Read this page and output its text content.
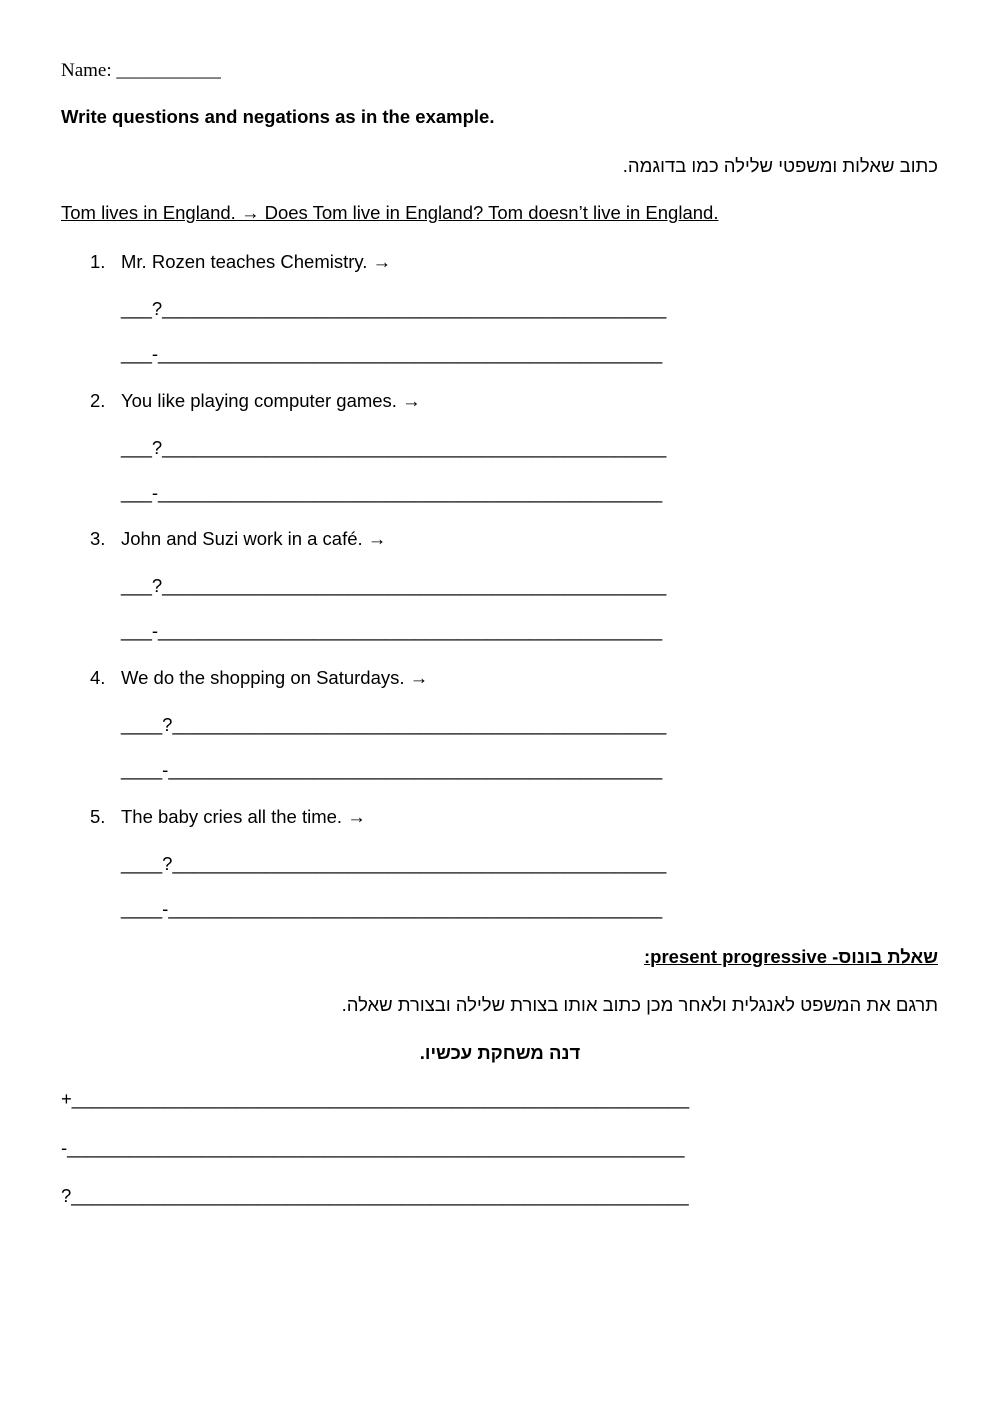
Name: ___________
Write questions and negations as in the example.
כתוב שאלות ומשפטי שלילה כמו בדוגמה.
Tom lives in England. → Does Tom live in England? Tom doesn’t live in England.
1. Mr. Rozen teaches Chemistry. →
___?_________________________________________________
___-_________________________________________________
2. You like playing computer games. →
___?_________________________________________________
___-_________________________________________________
3. John and Suzi work in a café. →
___?_________________________________________________
___-_________________________________________________
4. We do the shopping on Saturdays. →
____?________________________________________________
____-________________________________________________
5. The baby cries all the time. →
____?________________________________________________
____-________________________________________________
שאלת בונוס- present progressive:
תרגם את המשפט לאנגלית ולאחר מכן כתוב אותו בצורת שלילה ובצורת שאלה.
דנה משחקת עכשיו.
+____________________________________________________________
-____________________________________________________________
?____________________________________________________________
